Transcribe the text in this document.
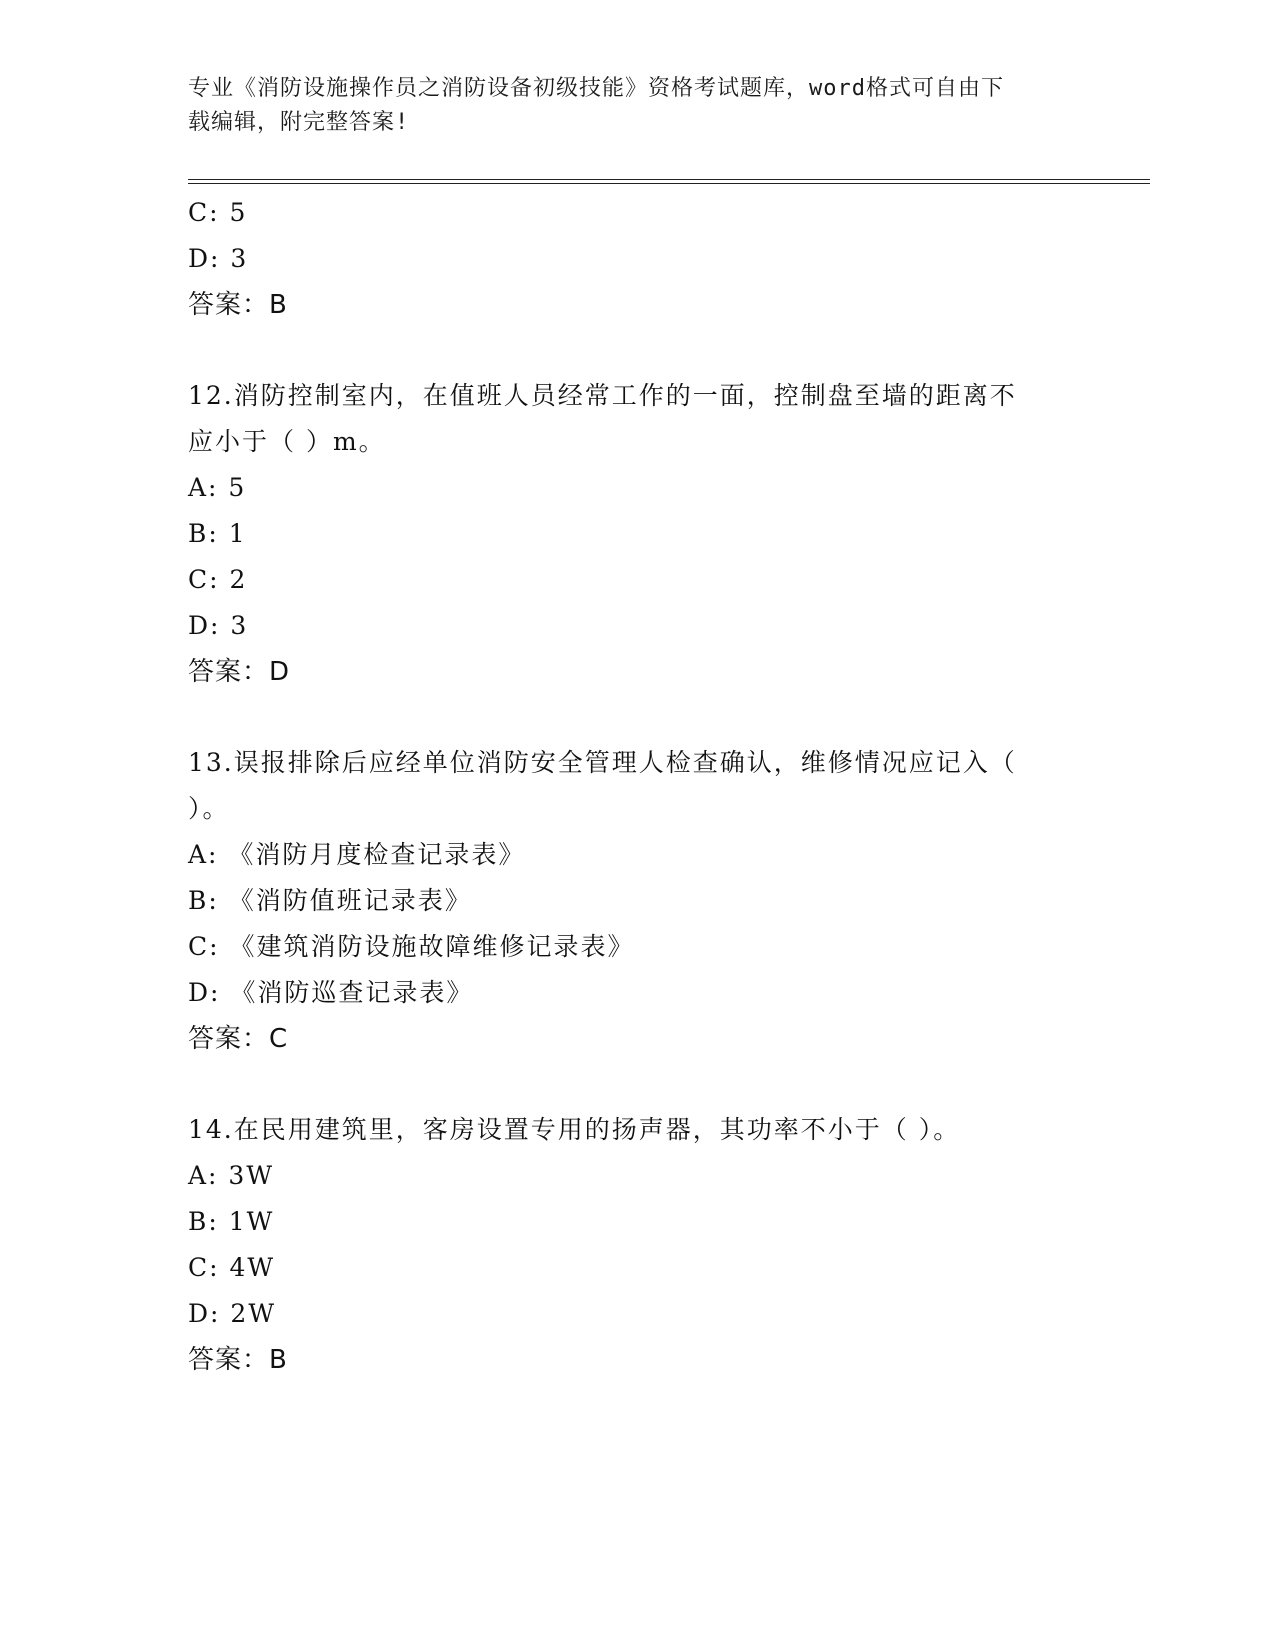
专业《消防设施操作员之消防设备初级技能》资格考试题库，word格式可自由下
载编辑，附完整答案!
C: 5
D: 3
答案：B
12.消防控制室内，在值班人员经常工作的一面，控制盘至墙的距离不
应小于（ ）m。
A: 5
B: 1
C: 2
D: 3
答案：D
13.误报排除后应经单位消防安全管理人检查确认，维修情况应记入（
）。
A: 《消防月度检查记录表》
B: 《消防值班记录表》
C: 《建筑消防设施故障维修记录表》
D: 《消防巡查记录表》
答案：C
14.在民用建筑里，客房设置专用的扬声器，其功率不小于（ ）。
A: 3W
B: 1W
C: 4W
D: 2W
答案：B
